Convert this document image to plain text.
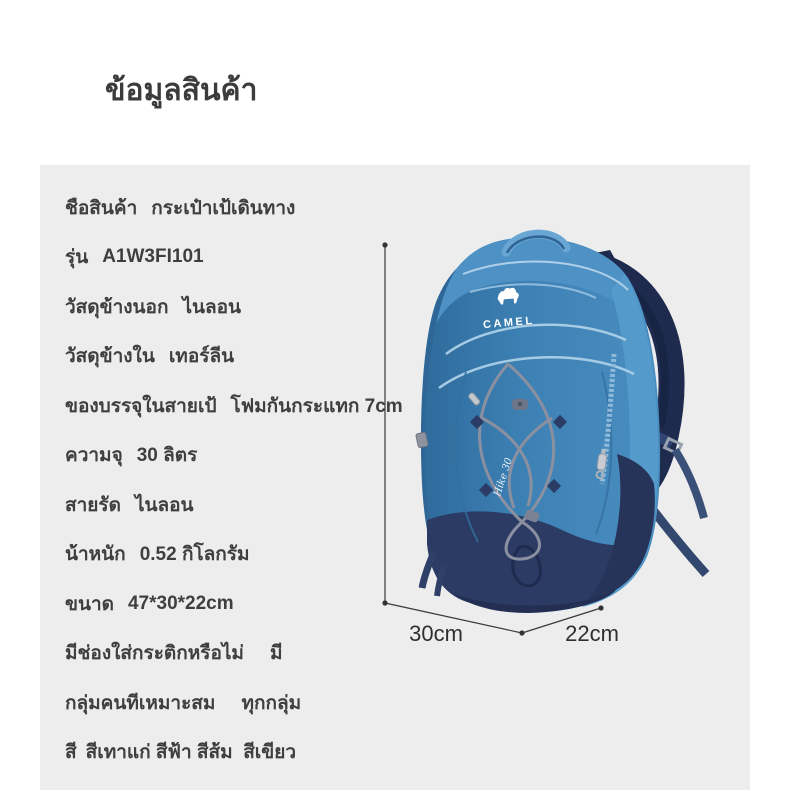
ข้อมูลสินค้า
ชือสินค้า กระเป๋าเป้เดินทาง
รุ่น A1W3FI101
วัสดุข้างนอก ไนลอน
วัสดุข้างใน เทอร์ลีน
ของบรรจุในสายเป้ โฟมกันกระแทก 7cm
ความจุ 30 ลิตร
สายรัด ไนลอน
น้าหนัก 0.52 กิโลกรัม
ขนาด 47*30*22cm
มีช่องใส่กระติกหรือไม่ มี
กลุ่มคนทีเหมาะสม ทุกกลุ่ม
สี สีเทาแก่ สีฟ้า สีส้ม  สีเขียว
CAMEL
Hike 30
30cm	22cm
